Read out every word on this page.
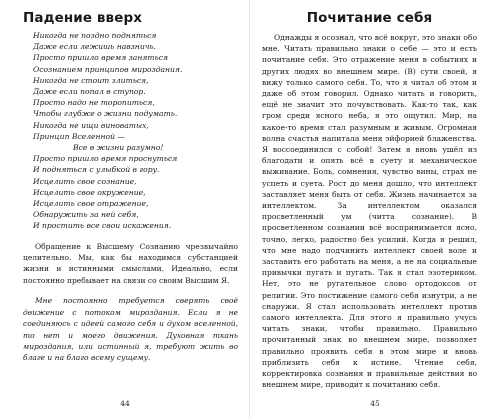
Падение вверх
Никогда не поздно подняться
Даже если лежишь навзничь.
Просто пришло время заняться
Осознанием принципов мироздания.
Никогда не стоит злиться,
Даже если попал в ступор.
Просто надо не торопиться,
Чтобы глубже о жизни подумать.
Никогда не ищи виноватых,
Принцип Вселенной —
Все в жизни разумно!
Просто пришло время проснуться
И подняться с улыбкой в гору.
Исцелить свое сознание,
Исцелить свое окружение,
Исцелить свое отражение,
Обнаружить за ней себя,
И простить все свои искажения.

Обращение к Высшему Сознанию чрезвычайно целительно. Мы, как бы находимся субстанцией жизни и истинными смыслами. Идеально, если постоянно пребывает на связи со своим Высшим Я.

Мне постоянно требуется сверять своё движение с потоком мироздания. Если я не соединяюсь с идеей самого себя и духом вселенной, то нет и моего движения. Духовная ткань мироздания, или истинный я, требуют жить во благе и на благо всему сущему.

44
Почитание себя

Однажды я осознал, что всё вокруг, это знаки обо мне. Читать правильно знаки о себе — это и есть почитание себя. Это отражение меня в событиях и других людях во внешнем мире. (В) сути своей, я вижу только самого себя. То, что я читал об этом и даже об этом говорил. Однако читать и говорить, ещё не значит это почувствовать. Как-то так, как гром среди ясного неба, я это ощутил. Мир, на какое-то время стал разумным и живым. Огромная волна счастья напитала меня эйфорией блаженства. Я воссоединился с собой! Затем я вновь ушёл из благодати и опять всё в суету и механическое выживание. Боль, сомнения, чувство вины, страх не успеть и суета. Рост до меня дошло, что интеллект заставляет меня быть от себя. Жизнь начинается за интеллектом. За интеллектом оказался просветленный ум (читта сознание). В просветленном сознании всё воспринимается ясно, точно, легко, радостно без усилий. Когда я решил, что мне надо подчинить интеллект своей воле и заставить его работать на меня, а не на социальные привычки пугать и пугать. Так я стал эзотериком. Нет, это не ругательное слово ортодоксов от религии. Это постижение самого себя изнутри, а не снаружи. Я стал использовать интеллект против самого интеллекта. Для этого я правильно учусь читать знаки, чтобы правильно. Правильно прочитанный знак во внешнем мире, позволяет правильно проявить себя в этом мире и вновь приблизить себя к истине. Чтение себя, корректировка сознания и правильные действия во внешнем мире, приводит к почитанию себя.

45
